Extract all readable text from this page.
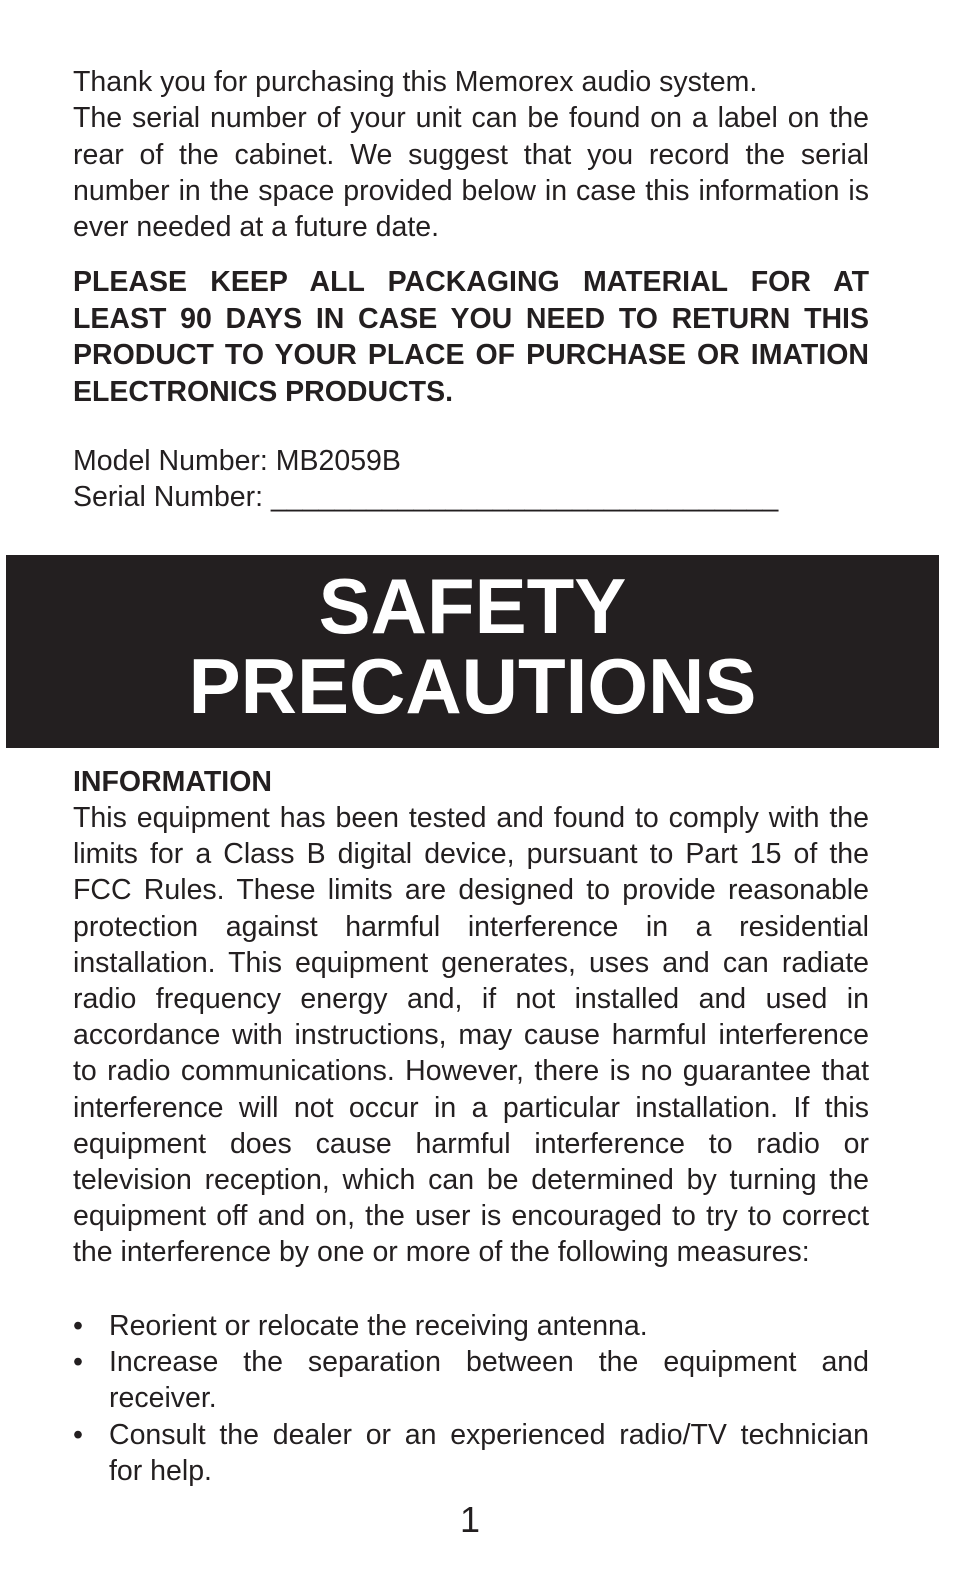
Thank you for purchasing this Memorex audio system.

The serial number of your unit can be found on a label on the rear of the cabinet. We suggest that you record the serial number in the space provided below in case this information is ever needed at a future date.

PLEASE KEEP ALL PACKAGING MATERIAL FOR AT LEAST 90 DAYS IN CASE YOU NEED TO RETURN THIS PRODUCT TO YOUR PLACE OF PURCHASE OR IMATION ELECTRONICS PRODUCTS.
Model Number: MB2059B
Serial Number: ________________________________
SAFETY
PRECAUTIONS
INFORMATION

This equipment has been tested and found to comply with the limits for a Class B digital device, pursuant to Part 15 of the FCC Rules. These limits are designed to provide reasonable protection against harmful interference in a residential installation. This equipment generates, uses and can radiate radio frequency energy and, if not installed and used in accordance with instructions, may cause harmful interference to radio communications. However, there is no guarantee that interference will not occur in a particular installation. If this equipment does cause harmful interference to radio or television reception, which can be determined by turning the equipment off and on, the user is encouraged to try to correct the interference by one or more of the following measures:

• Reorient or relocate the receiving antenna.
• Increase the separation between the equipment and receiver.
• Consult the dealer or an experienced radio/TV technician for help.
1
